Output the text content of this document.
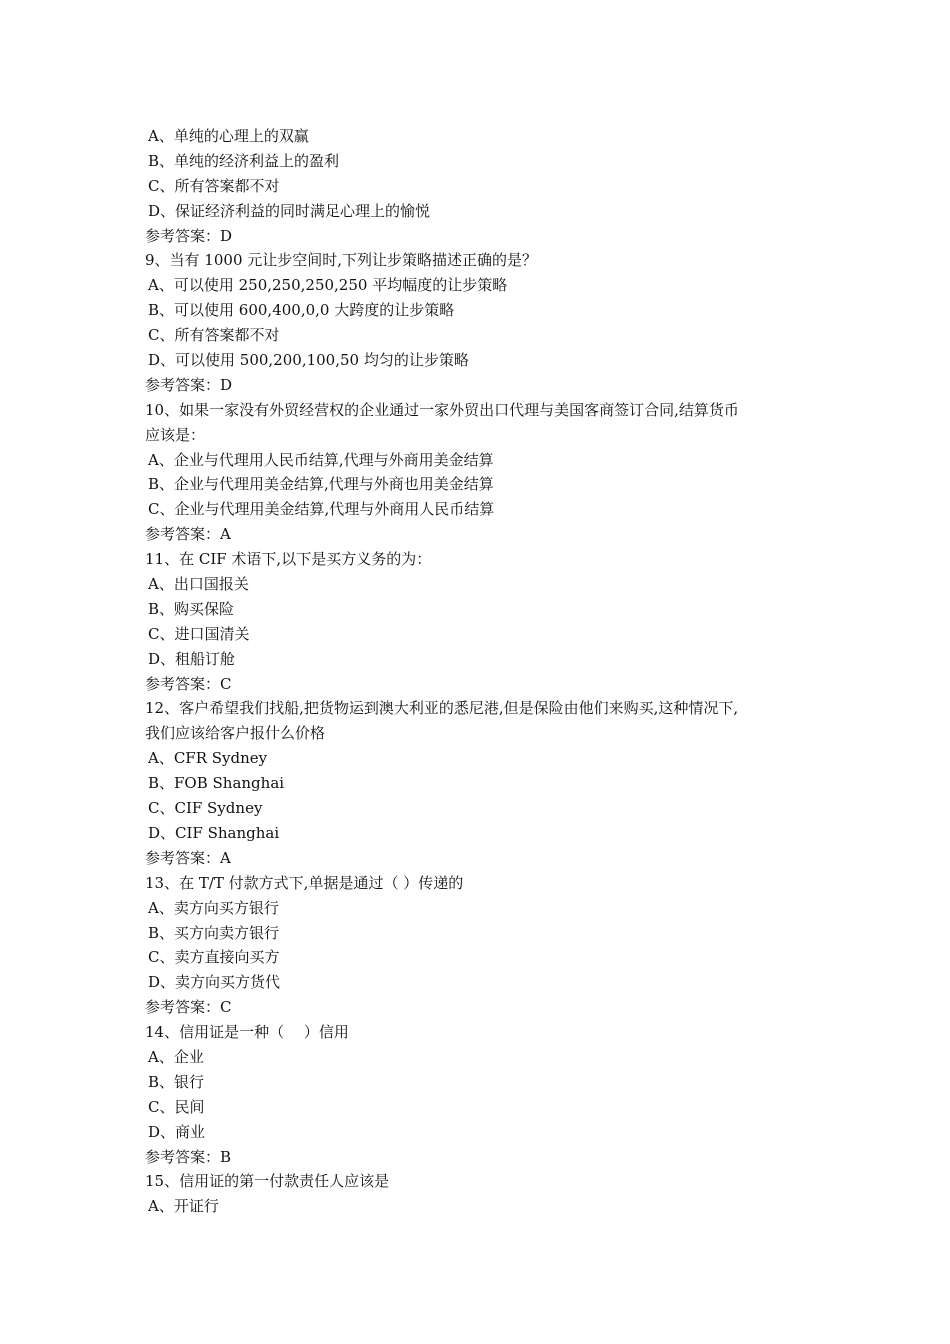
A、单纯的心理上的双赢
B、单纯的经济利益上的盈利
C、所有答案都不对
D、保证经济利益的同时满足心理上的愉悦
参考答案：D
9、当有 1000 元让步空间时,下列让步策略描述正确的是？
A、可以使用 250,250,250,250 平均幅度的让步策略
B、可以使用 600,400,0,0 大跨度的让步策略
C、所有答案都不对
D、可以使用 500,200,100,50 均匀的让步策略
参考答案：D
10、如果一家没有外贸经营权的企业通过一家外贸出口代理与美国客商签订合同,结算货币
应该是：
A、企业与代理用人民币结算,代理与外商用美金结算
B、企业与代理用美金结算,代理与外商也用美金结算
C、企业与代理用美金结算,代理与外商用人民币结算
参考答案：A
11、在 CIF 术语下,以下是买方义务的为：
A、出口国报关
B、购买保险
C、进口国清关
D、租船订舱
参考答案：C
12、客户希望我们找船,把货物运到澳大利亚的悉尼港,但是保险由他们来购买,这种情况下,
我们应该给客户报什么价格
A、CFR Sydney
B、FOB Shanghai
C、CIF Sydney
D、CIF Shanghai
参考答案：A
13、在 T/T 付款方式下,单据是通过（ ）传递的
A、卖方向买方银行
B、买方向卖方银行
C、卖方直接向买方
D、卖方向买方货代
参考答案：C
14、信用证是一种（　 ）信用
A、企业
B、银行
C、民间
D、商业
参考答案：B
15、信用证的第一付款责任人应该是
A、开证行
